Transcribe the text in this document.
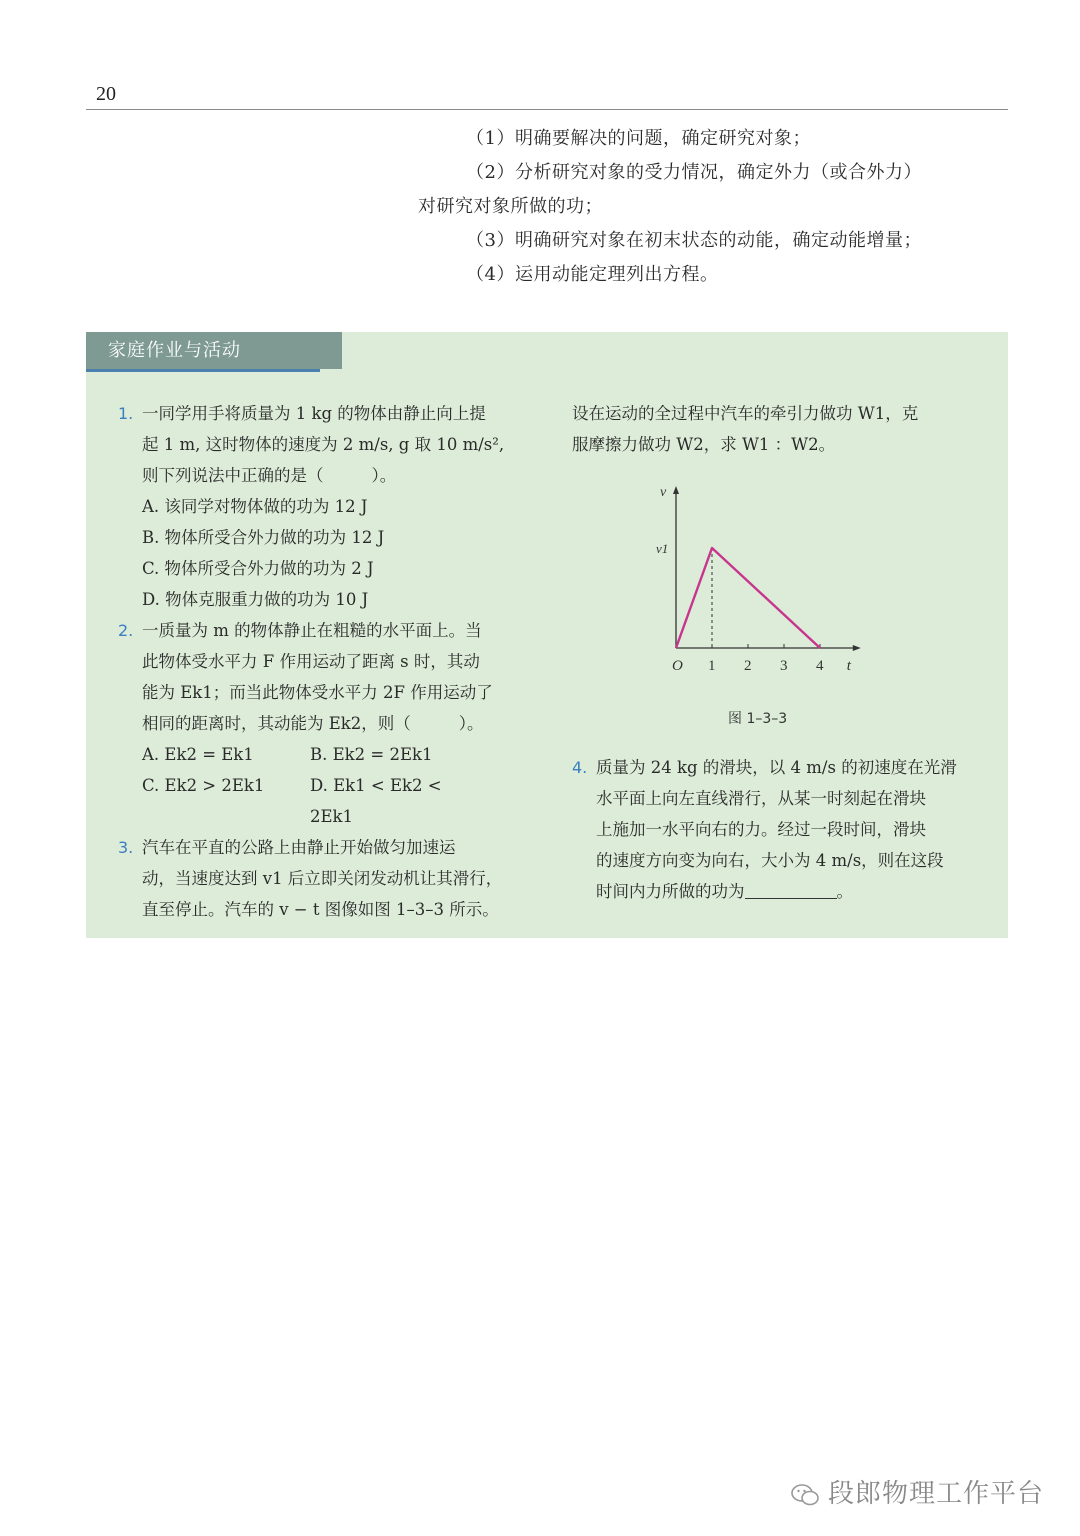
20

（1）明确要解决的问题，确定研究对象；

（2）分析研究对象的受力情况，确定外力（或合外力）

对研究对象所做的功；

（3）明确研究对象在初末状态的动能，确定动能增量；

（4）运用动能定理列出方程。

家庭作业与活动
1. 一同学用手将质量为 1 kg 的物体由静止向上提
起 1 m, 这时物体的速度为 2 m/s, g 取 10 m/s²,
则下列说法中正确的是（	）。

A. 该同学对物体做的功为 12 J

B. 物体所受合外力做的功为 12 J

C. 物体所受合外力做的功为 2 J

D. 物体克服重力做的功为 10 J

2. 一质量为 m 的物体静止在粗糙的水平面上。当
此物体受水平力 F 作用运动了距离 s 时，其动
能为 Ek1；而当此物体受水平力 2F 作用运动了
相同的距离时，其动能为 Ek2，则（	）。
A. Ek2 = Ek1	B. Ek2 = 2Ek1
C. Ek2 > 2Ek1	D. Ek1 < Ek2 < 2Ek1
3. 汽车在平直的公路上由静止开始做匀加速运
动，当速度达到 v1 后立即关闭发动机让其滑行，
直至停止。汽车的 v − t 图像如图 1–3–3 所示。
设在运动的全过程中汽车的牵引力做功 W1，克
服摩擦力做功 W2，求 W1 ：W2。
v
v1
O	t
1 2 3 4
图 1–3–3
4. 质量为 24 kg 的滑块，以 4 m/s 的初速度在光滑
水平面上向左直线滑行，从某一时刻起在滑块
上施加一水平向右的力。经过一段时间，滑块
的速度方向变为向右，大小为 4 m/s，则在这段
时间内力所做的功为	。
段郎物理工作平台
